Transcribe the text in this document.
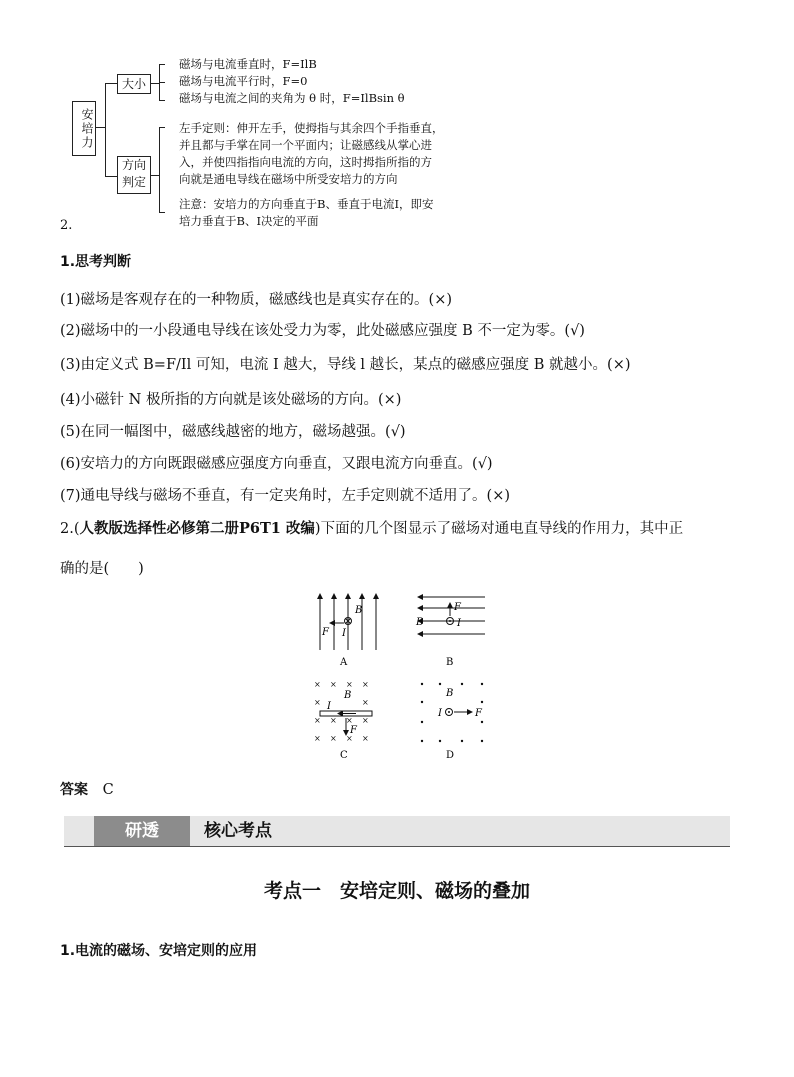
安培力
大小
磁场与电流垂直时，F=IlB
磁场与电流平行时，F=0
磁场与电流之间的夹角为 θ 时，F=IlBsin θ
方向
判定
左手定则：伸开左手，使拇指与其余四个手指垂直，
并且都与手掌在同一个平面内；让磁感线从掌心进
入，并使四指指向电流的方向，这时拇指所指的方
向就是通电导线在磁场中所受安培力的方向
注意：安培力的方向垂直于B、垂直于电流I，即安
培力垂直于B、I决定的平面
2.
1.思考判断
(1)磁场是客观存在的一种物质，磁感线也是真实存在的。(×)
(2)磁场中的一小段通电导线在该处受力为零，此处磁感应强度 B 不一定为零。(√)
(3)由定义式 B=F/Il 可知，电流 I 越大，导线 l 越长，某点的磁感应强度 B 就越小。(×)
(4)小磁针 N 极所指的方向就是该处磁场的方向。(×)
(5)在同一幅图中，磁感线越密的地方，磁场越强。(√)
(6)安培力的方向既跟磁感应强度方向垂直，又跟电流方向垂直。(√)
(7)通电导线与磁场不垂直，有一定夹角时，左手定则就不适用了。(×)
2.(人教版选择性必修第二册P6T1 改编)下面的几个图显示了磁场对通电直导线的作用力，其中正
确的是(　　)
B
F I
A
F
B	I
B
× × × ×
×	×
× × × ×
× × × ×
B
I
F
C
B
I	F
D
答案 C
研透	核心考点
考点一　安培定则、磁场的叠加
1.电流的磁场、安培定则的应用
